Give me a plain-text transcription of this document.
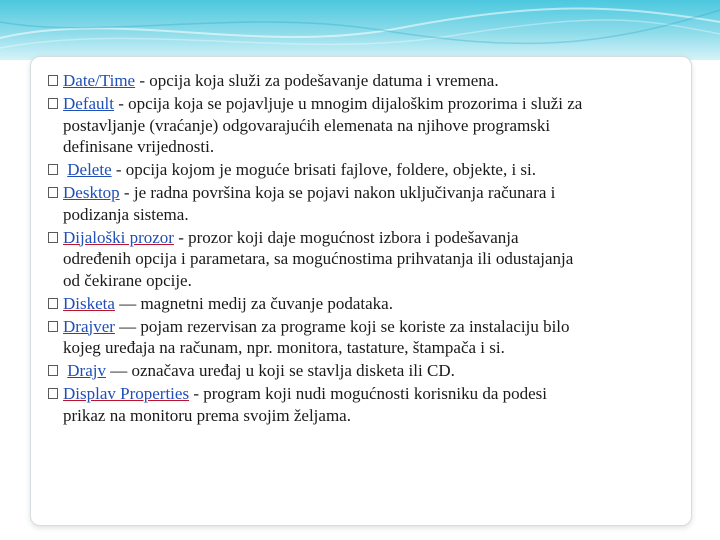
Date/Time - opcija koja služi za podešavanje datuma i vremena.
Default - opcija koja se pojavljuje u mnogim dijaloškim prozorima i služi za
postavljanje (vraćanje) odgovarajućih elemenata na njihove programski
definisane vrijednosti.
Delete - opcija kojom je moguće brisati fajlove, foldere, objekte, i si.
Desktop - je radna površina koja se pojavi nakon uključivanja računara i
podizanja sistema.
Dijaloški prozor - prozor koji daje mogućnost izbora i podešavanja
određenih opcija i parametara, sa mogućnostima prihvatanja ili odustajanja
od čekirane opcije.
Disketa — magnetni medij za čuvanje podataka.
Drajver — pojam rezervisan za programe koji se koriste za instalaciju bilo
kojeg uređaja na računam, npr. monitora, tastature, štampača i si.
Drajv — označava uređaj u koji se stavlja disketa ili CD.
Displav Properties - program koji nudi mogućnosti korisniku da podesi
prikaz na monitoru prema svojim željama.
